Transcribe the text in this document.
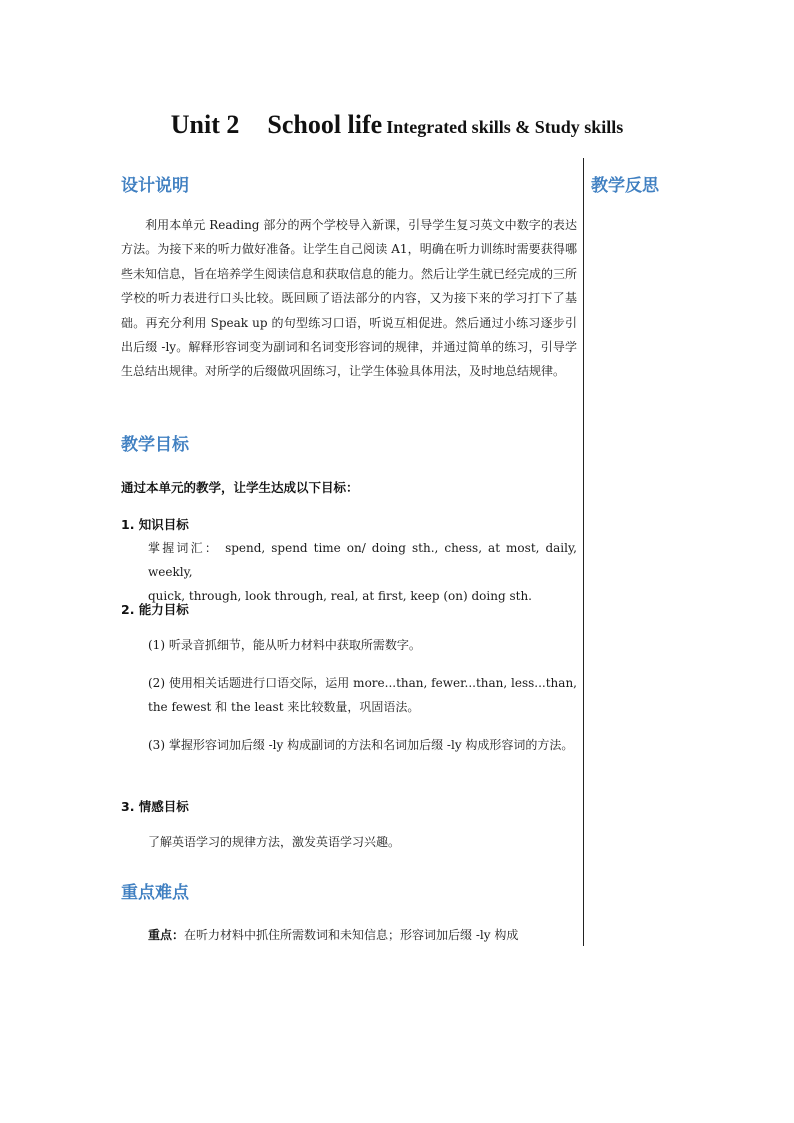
Unit 2 School life Integrated skills & Study skills
教学反思
设计说明
利用本单元 Reading 部分的两个学校导入新课，引导学生复习英文中数字的表达方法。为接下来的听力做好准备。让学生自己阅读 A1，明确在听力训练时需要获得哪些未知信息，旨在培养学生阅读信息和获取信息的能力。然后让学生就已经完成的三所学校的听力表进行口头比较。既回顾了语法部分的内容，又为接下来的学习打下了基础。再充分利用 Speak up 的句型练习口语，听说互相促进。然后通过小练习逐步引出后缀 -ly。解释形容词变为副词和名词变形容词的规律，并通过简单的练习，引导学生总结出规律。对所学的后缀做巩固练习，让学生体验具体用法，及时地总结规律。
教学目标
通过本单元的教学，让学生达成以下目标：
1. 知识目标
掌握词汇： spend, spend time on/ doing sth., chess, at most, daily, weekly,
quick, through, look through, real, at first, keep (on) doing sth.
2. 能力目标
(1) 听录音抓细节，能从听力材料中获取所需数字。
(2) 使用相关话题进行口语交际，运用 more...than, fewer...than, less...than, the fewest 和 the least 来比较数量，巩固语法。
(3) 掌握形容词加后缀 -ly 构成副词的方法和名词加后缀 -ly 构成形容词的方法。
3. 情感目标
了解英语学习的规律方法，激发英语学习兴趣。
重点难点
重点：在听力材料中抓住所需数词和未知信息；形容词加后缀 -ly 构成
